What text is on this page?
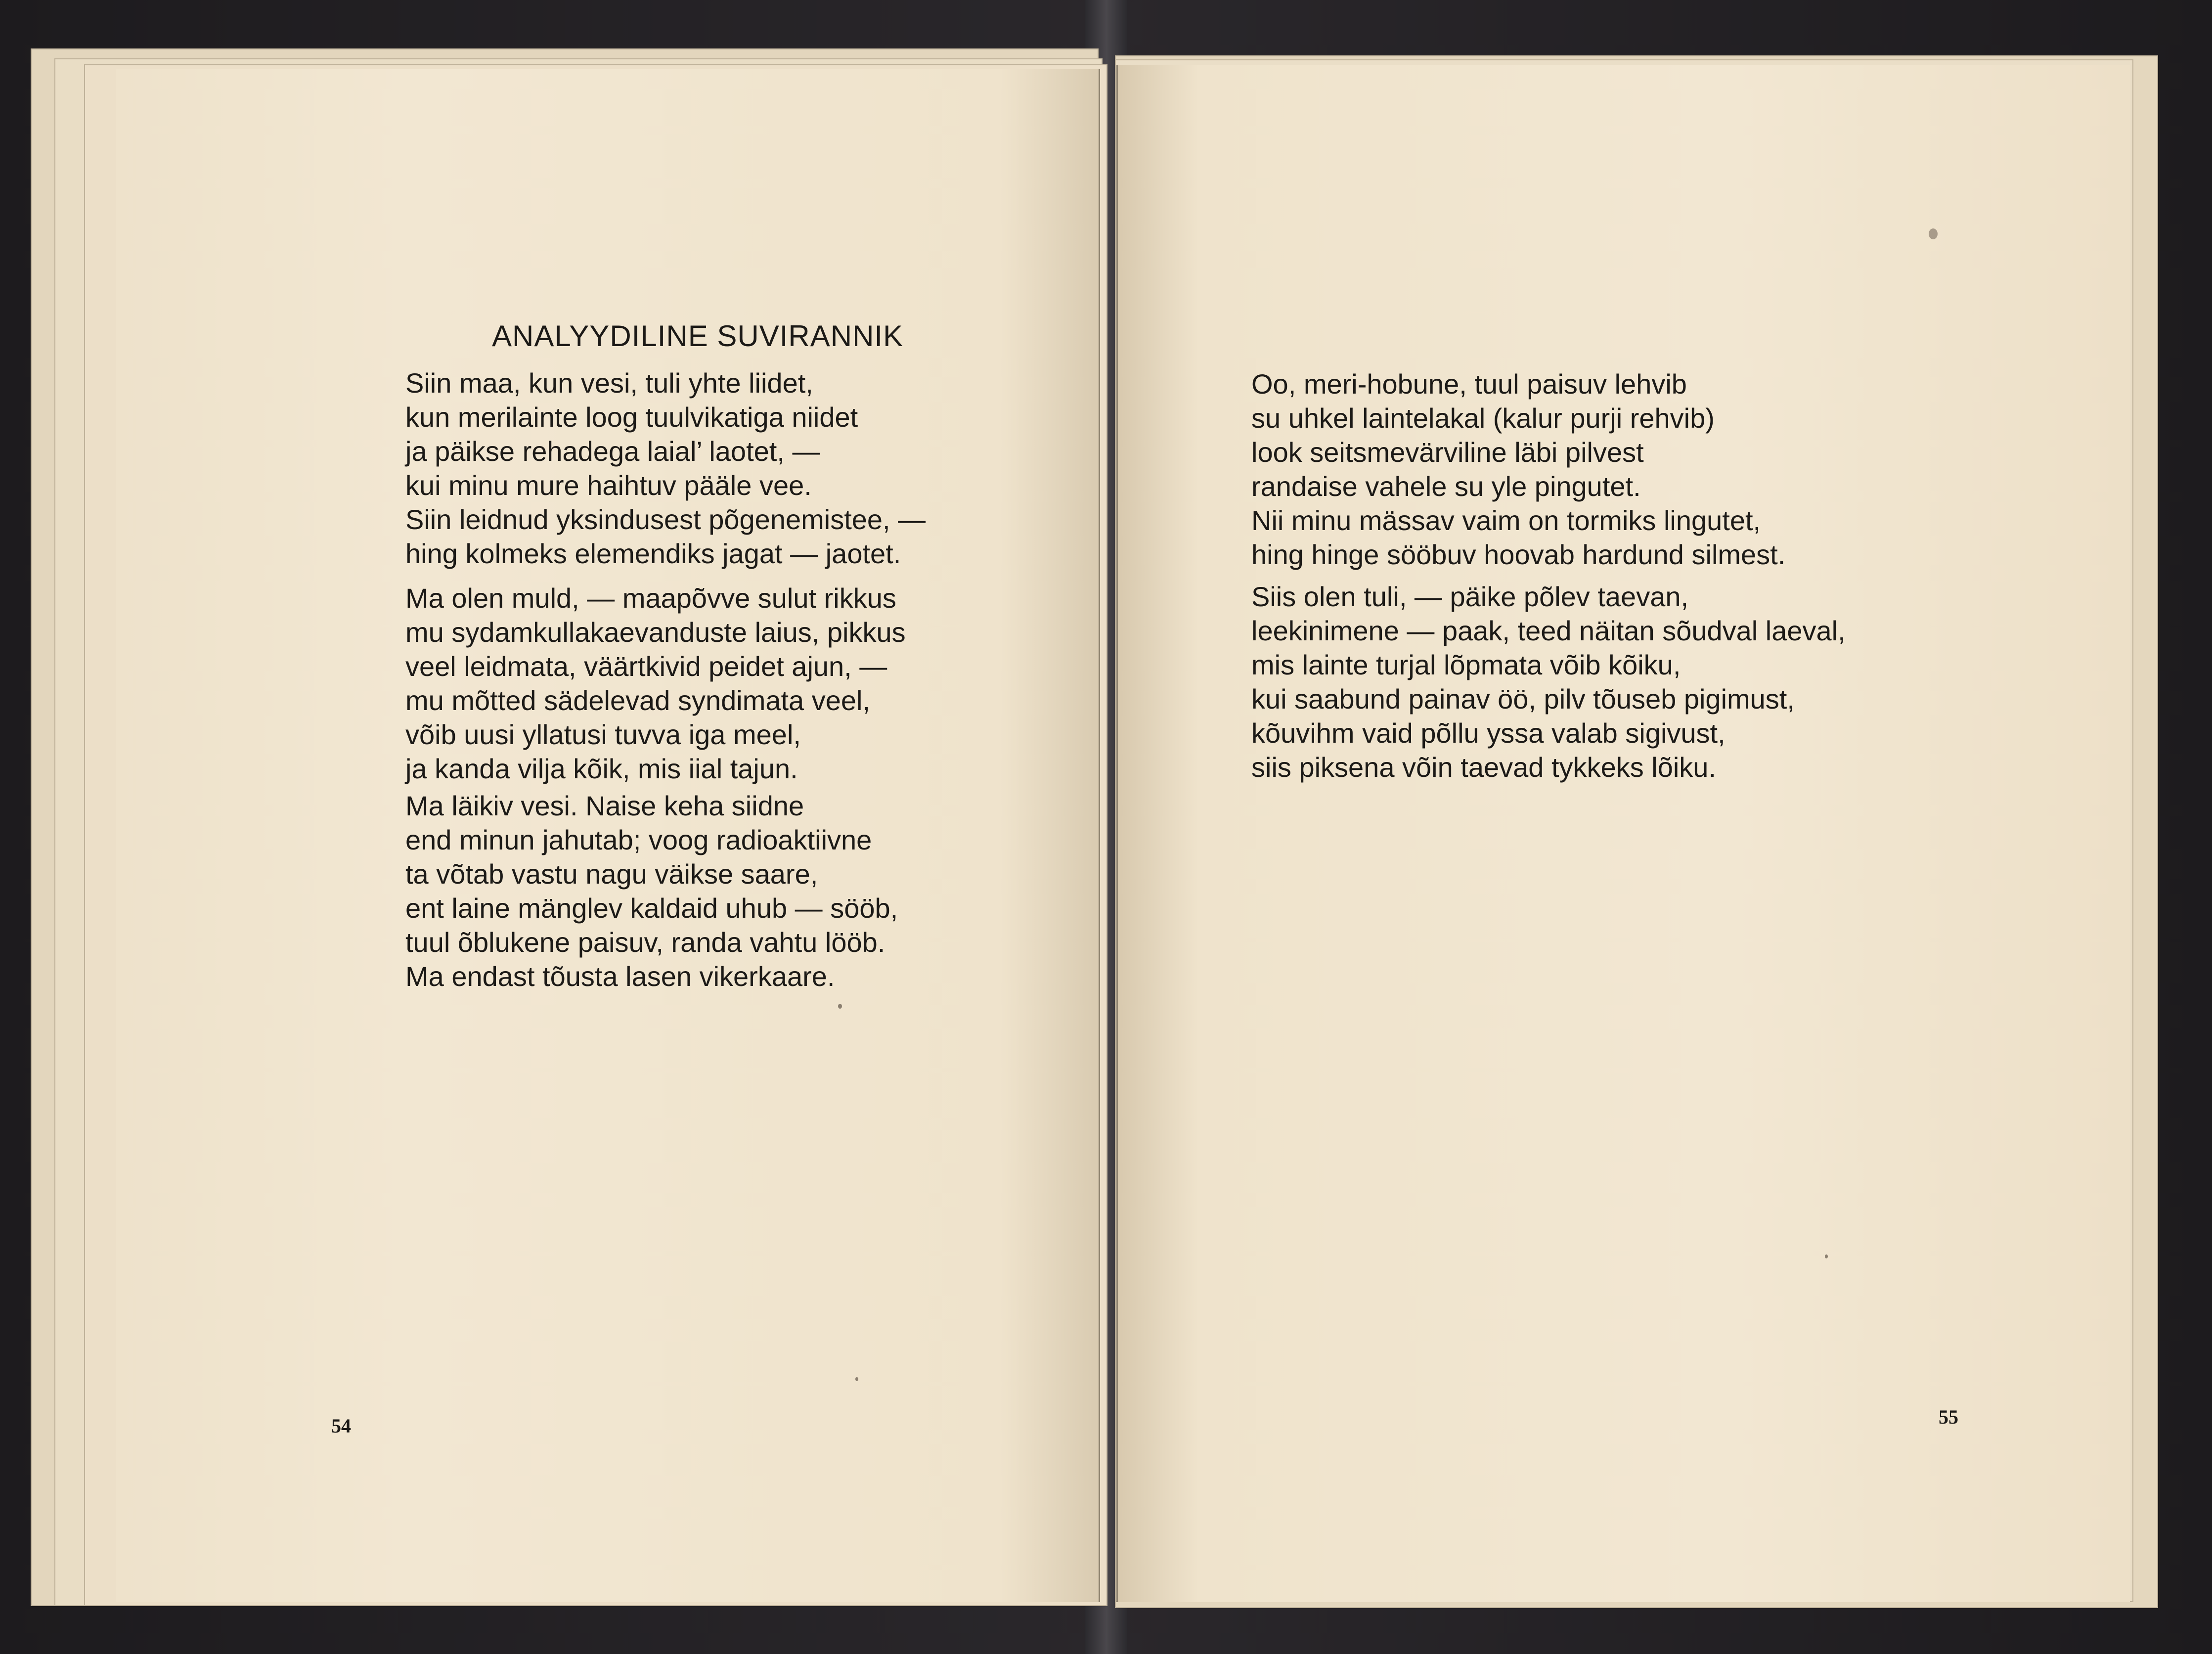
ANALYYDILINE SUVIRANNIK
Siin maa, kun vesi, tuli yhte liidet,
kun merilainte loog tuulvikatiga niidet
ja päikse rehadega laial’ laotet, —
kui minu mure haihtuv pääle vee.
Siin leidnud yksindusest põgenemistee, —
hing kolmeks elemendiks jagat — jaotet.
Ma olen muld, — maapõvve sulut rikkus
mu sydamkullakaevanduste laius, pikkus
veel leidmata, väärtkivid peidet ajun, —
mu mõtted sädelevad syndimata veel,
võib uusi yllatusi tuvva iga meel,
ja kanda vilja kõik, mis iial tajun.
Ma läikiv vesi. Naise keha siidne
end minun jahutab; voog radioaktiivne
ta võtab vastu nagu väikse saare,
ent laine mänglev kaldaid uhub — sööb,
tuul õblukene paisuv, randa vahtu lööb.
Ma endast tõusta lasen vikerkaare.
54
Oo, meri-hobune, tuul paisuv lehvib
su uhkel laintelakal (kalur purji rehvib)
look seitsmevärviline läbi pilvest
randaise vahele su yle pingutet.
Nii minu mässav vaim on tormiks lingutet,
hing hinge sööbuv hoovab hardund silmest.
Siis olen tuli, — päike põlev taevan,
leekinimene — paak, teed näitan sõudval laeval,
mis lainte turjal lõpmata võib kõiku,
kui saabund painav öö, pilv tõuseb pigimust,
kõuvihm vaid põllu yssa valab sigivust,
siis piksena võin taevad tykkeks lõiku.
55
